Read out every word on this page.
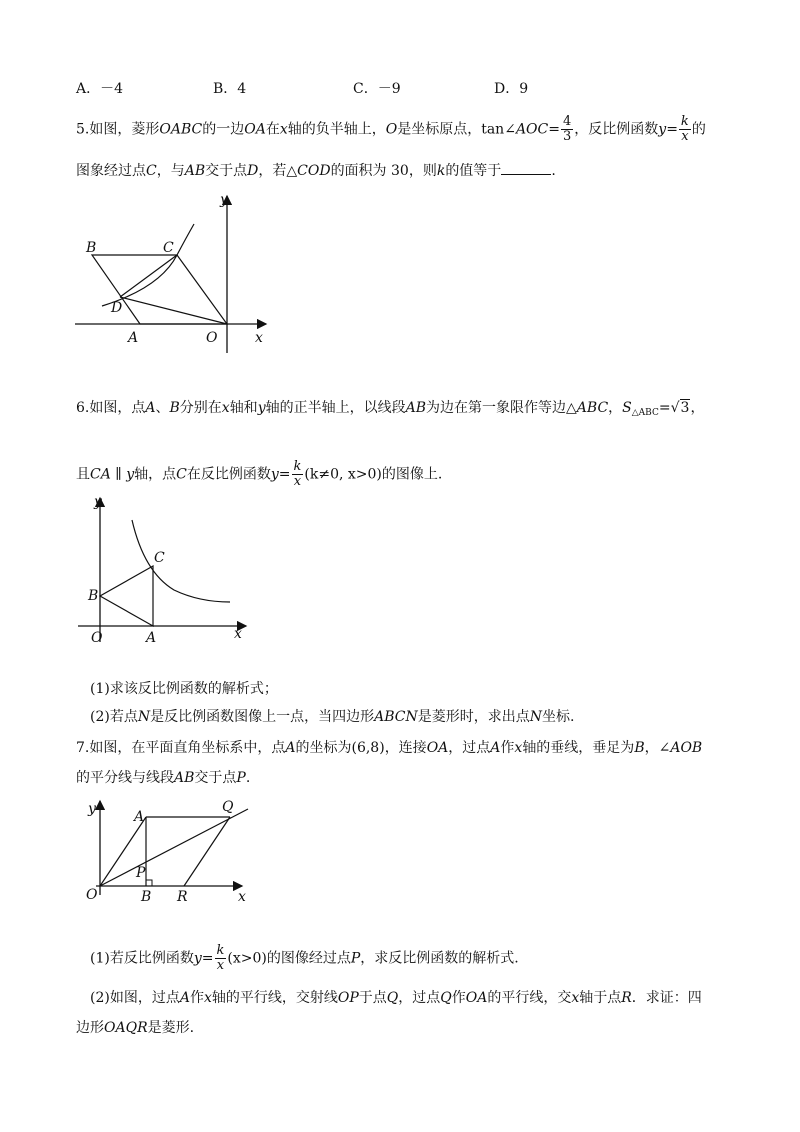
A．－4	B．4	C．－9	D．9
5.如图，菱形OABC的一边OA在x轴的负半轴上，O是坐标原点，tan∠AOC= $\frac{4}{3}$ ，反比例函数$y= \frac{k}{x}$ 的
图象经过点C，与AB交于点D，若△COD的面积为 30，则k的值等于	.
y
B	C
D
A	O	x
6.如图，点A、B分别在x轴和y轴的正半轴上，以线段AB为边在第一象限作等边△ABC，$S_{\triangle ABC}=√3$，
且CA ∥ y轴，点C在反比例函数$y= \frac{k}{x} (k\ne 0$, x>0)的图像上.
y
C
B
O	A	x
(1)求该反比例函数的解析式；
(2)若点N是反比例函数图像上一点，当四边形ABCN是菱形时，求出点N坐标.
7.如图，在平面直角坐标系中，点A的坐标为(6,8)，连接OA，过点A作x轴的垂线，垂足为B，∠AOB
的平分线与线段AB交于点P.
y	A
Q
P
O	B R	x
(1)若反比例函数$y= \frac{k}{x} (x>0)$的图像经过点P，求反比例函数的解析式.
(2)如图，过点A作x轴的平行线，交射线OP于点Q，过点Q作OA的平行线，交x轴于点R．求证：四
边形OAQR是菱形.
